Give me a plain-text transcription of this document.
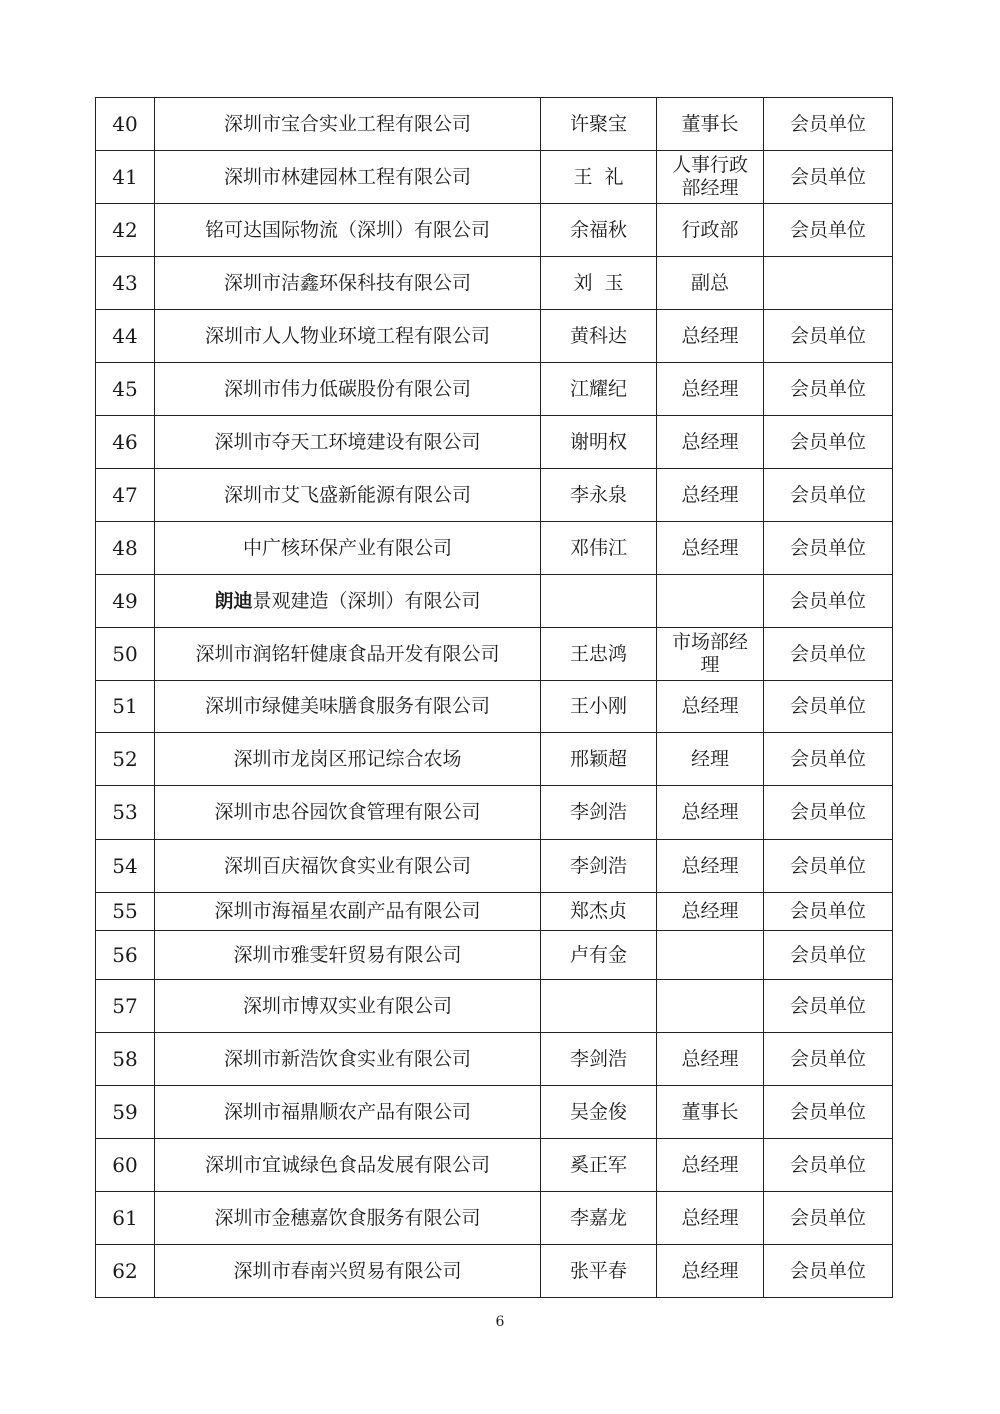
40	深圳市宝合实业工程有限公司	许聚宝	董事长	会员单位
41	深圳市林建园林工程有限公司	王  礼	人事行政部经理	会员单位
42	铭可达国际物流（深圳）有限公司	余福秋	行政部	会员单位
43	深圳市洁鑫环保科技有限公司	刘  玉	副总	
44	深圳市人人物业环境工程有限公司	黄科达	总经理	会员单位
45	深圳市伟力低碳股份有限公司	江耀纪	总经理	会员单位
46	深圳市夺天工环境建设有限公司	谢明权	总经理	会员单位
47	深圳市艾飞盛新能源有限公司	李永泉	总经理	会员单位
48	中广核环保产业有限公司	邓伟江	总经理	会员单位
49	朗迪景观建造（深圳）有限公司			会员单位
50	深圳市润铭轩健康食品开发有限公司	王忠鸿	市场部经理	会员单位
51	深圳市绿健美味膳食服务有限公司	王小刚	总经理	会员单位
52	深圳市龙岗区邢记综合农场	邢颖超	经理	会员单位
53	深圳市忠谷园饮食管理有限公司	李剑浩	总经理	会员单位
54	深圳百庆福饮食实业有限公司	李剑浩	总经理	会员单位
55	深圳市海福星农副产品有限公司	郑杰贞	总经理	会员单位
56	深圳市雅雯轩贸易有限公司	卢有金		会员单位
57	深圳市博双实业有限公司			会员单位
58	深圳市新浩饮食实业有限公司	李剑浩	总经理	会员单位
59	深圳市福鼎顺农产品有限公司	吴金俊	董事长	会员单位
60	深圳市宜诚绿色食品发展有限公司	奚正军	总经理	会员单位
61	深圳市金穗嘉饮食服务有限公司	李嘉龙	总经理	会员单位
62	深圳市春南兴贸易有限公司	张平春	总经理	会员单位
6
